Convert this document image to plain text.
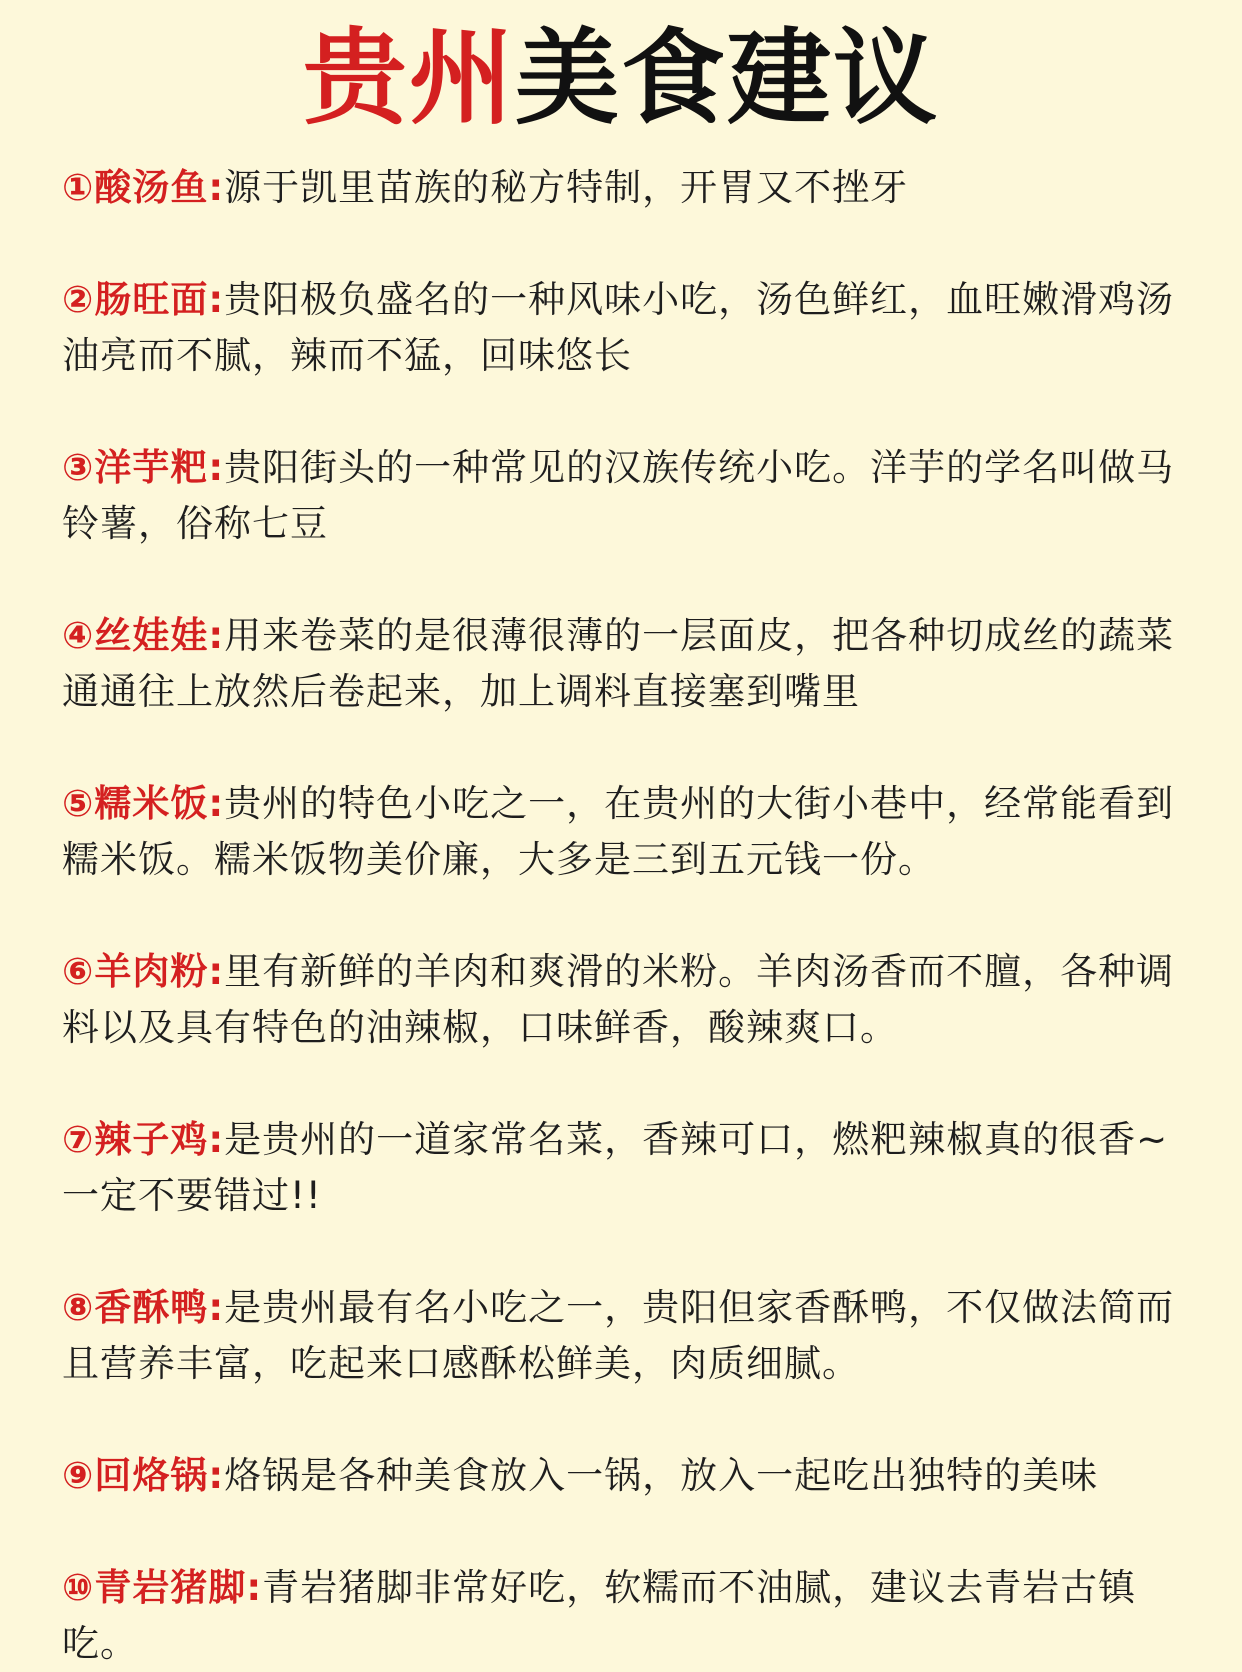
贵州美食建议
①酸汤鱼:源于凯里苗族的秘方特制，开胃又不挫牙
②肠旺面:贵阳极负盛名的一种风味小吃，汤色鲜红，血旺嫩滑鸡汤油亮而不腻，辣而不猛，回味悠长
③洋芋粑:贵阳街头的一种常见的汉族传统小吃。洋芋的学名叫做马铃薯，俗称七豆
④丝娃娃:用来卷菜的是很薄很薄的一层面皮，把各种切成丝的蔬菜通通往上放然后卷起来，加上调料直接塞到嘴里
⑤糯米饭:贵州的特色小吃之一，在贵州的大街小巷中，经常能看到糯米饭。糯米饭物美价廉，大多是三到五元钱一份。
⑥羊肉粉:里有新鲜的羊肉和爽滑的米粉。羊肉汤香而不膻，各种调料以及具有特色的油辣椒，口味鲜香，酸辣爽口。
⑦辣子鸡:是贵州的一道家常名菜，香辣可口，燃粑辣椒真的很香~一定不要错过!!
⑧香酥鸭:是贵州最有名小吃之一，贵阳但家香酥鸭，不仅做法简而且营养丰富，吃起来口感酥松鲜美，肉质细腻。
⑨回烙锅:烙锅是各种美食放入一锅，放入一起吃出独特的美味
⑩青岩猪脚:青岩猪脚非常好吃，软糯而不油腻，建议去青岩古镇吃。
